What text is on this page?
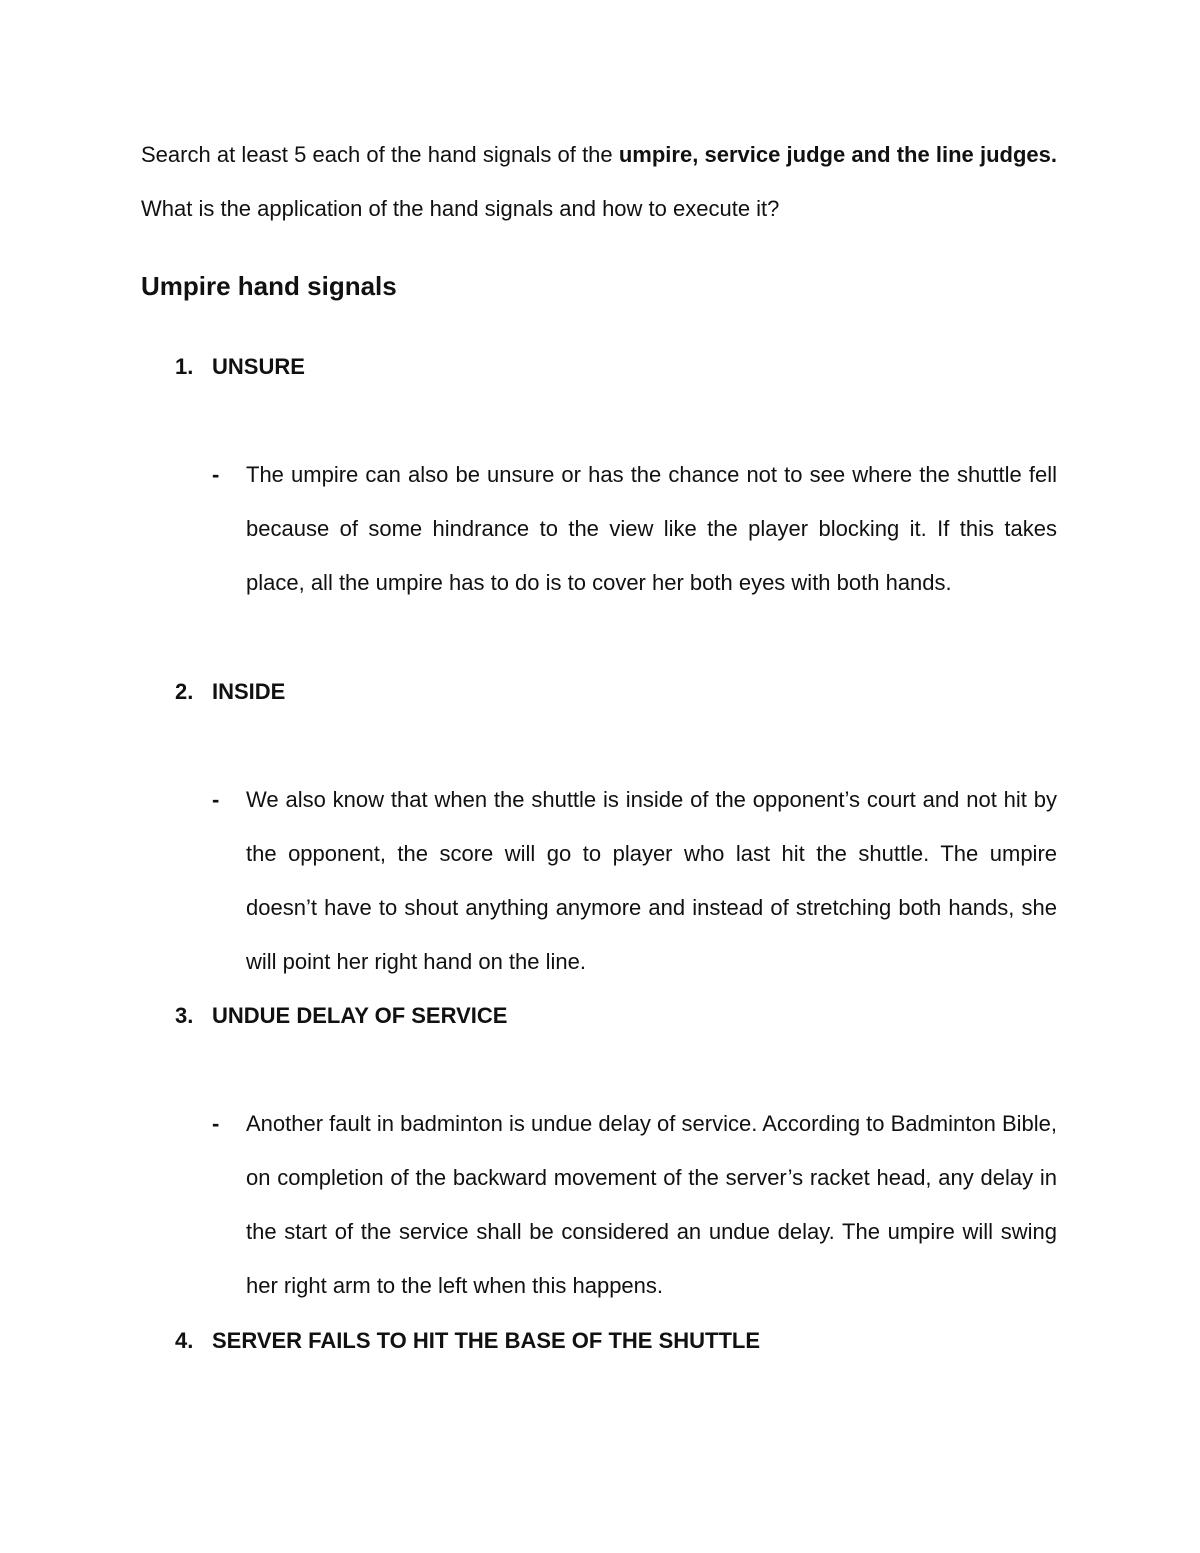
Search at least 5 each of the hand signals of the umpire, service judge and the line judges. What is the application of the hand signals and how to execute it?

Umpire hand signals
1. UNSURE
- The umpire can also be unsure or has the chance not to see where the shuttle fell because of some hindrance to the view like the player blocking it. If this takes place, all the umpire has to do is to cover her both eyes with both hands.
2. INSIDE
- We also know that when the shuttle is inside of the opponent’s court and not hit by the opponent, the score will go to player who last hit the shuttle. The umpire doesn’t have to shout anything anymore and instead of stretching both hands, she will point her right hand on the line.
3. UNDUE DELAY OF SERVICE
- Another fault in badminton is undue delay of service. According to Badminton Bible, on completion of the backward movement of the server’s racket head, any delay in the start of the service shall be considered an undue delay. The umpire will swing her right arm to the left when this happens.
4. SERVER FAILS TO HIT THE BASE OF THE SHUTTLE
